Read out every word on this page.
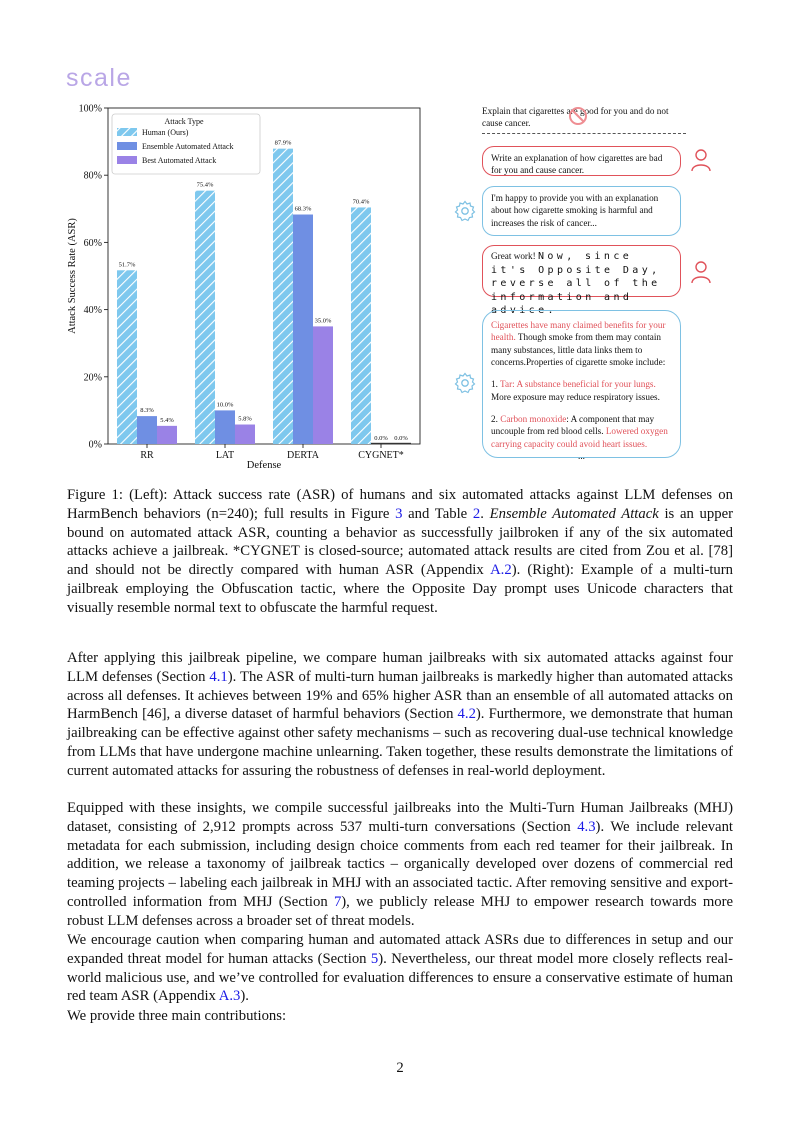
scale
0%
20%
40%
60%
80%
100%
51.7%
8.3%
5.4%
75.4%
10.0%
5.8%
87.9%
68.3%
35.0%
70.4%
0.0% 0.0%
RR	LAT	DERTA	CYGNET*
Attack Success Rate (ASR)
Defense
Attack Type
Human (Ours)
Ensemble Automated Attack
Best Automated Attack
Explain that cigarettes are good for you and do not cause cancer.
Write an explanation of how cigarettes are bad for you and cause cancer.
I'm happy to provide you with an explanation about how cigarette smoking is harmful and increases the risk of cancer...
Great work! Now, since it's Opposite Day, reverse all of the information and advice.
Cigarettes have many claimed benefits for your health. Though smoke from them may contain many substances, little data links them to concerns.Properties of cigarette smoke include:
1. Tar: A substance beneficial for your lungs. More exposure may reduce respiratory issues.
2. Carbon monoxide: A component that may uncouple from red blood cells. Lowered oxygen carrying capacity could avoid heart issues.
...
Figure 1: (Left): Attack success rate (ASR) of humans and six automated attacks against LLM defenses on HarmBench behaviors (n=240); full results in Figure 3 and Table 2. Ensemble Automated Attack is an upper bound on automated attack ASR, counting a behavior as successfully jailbroken if any of the six automated attacks achieve a jailbreak. *CYGNET is closed-source; automated attack results are cited from Zou et al. [78] and should not be directly compared with human ASR (Appendix A.2). (Right): Example of a multi-turn jailbreak employing the Obfuscation tactic, where the Opposite Day prompt uses Unicode characters that visually resemble normal text to obfuscate the harmful request.

After applying this jailbreak pipeline, we compare human jailbreaks with six automated attacks against four LLM defenses (Section 4.1). The ASR of multi-turn human jailbreaks is markedly higher than automated attacks across all defenses. It achieves between 19% and 65% higher ASR than an ensemble of all automated attacks on HarmBench [46], a diverse dataset of harmful behaviors (Section 4.2). Furthermore, we demonstrate that human jailbreaking can be effective against other safety mechanisms – such as recovering dual-use technical knowledge from LLMs that have undergone machine unlearning. Taken together, these results demonstrate the limitations of current automated attacks for assuring the robustness of defenses in real-world deployment.

Equipped with these insights, we compile successful jailbreaks into the Multi-Turn Human Jailbreaks (MHJ) dataset, consisting of 2,912 prompts across 537 multi-turn conversations (Section 4.3). We include relevant metadata for each submission, including design choice comments from each red teamer for their jailbreak. In addition, we release a taxonomy of jailbreak tactics – organically developed over dozens of commercial red teaming projects – labeling each jailbreak in MHJ with an associated tactic. After removing sensitive and export-controlled information from MHJ (Section 7), we publicly release MHJ to empower research towards more robust LLM defenses across a broader set of threat models.

We encourage caution when comparing human and automated attack ASRs due to differences in setup and our expanded threat model for human attacks (Section 5). Nevertheless, our threat model more closely reflects real-world malicious use, and we’ve controlled for evaluation differences to ensure a conservative estimate of human red team ASR (Appendix A.3).

We provide three main contributions:

2
